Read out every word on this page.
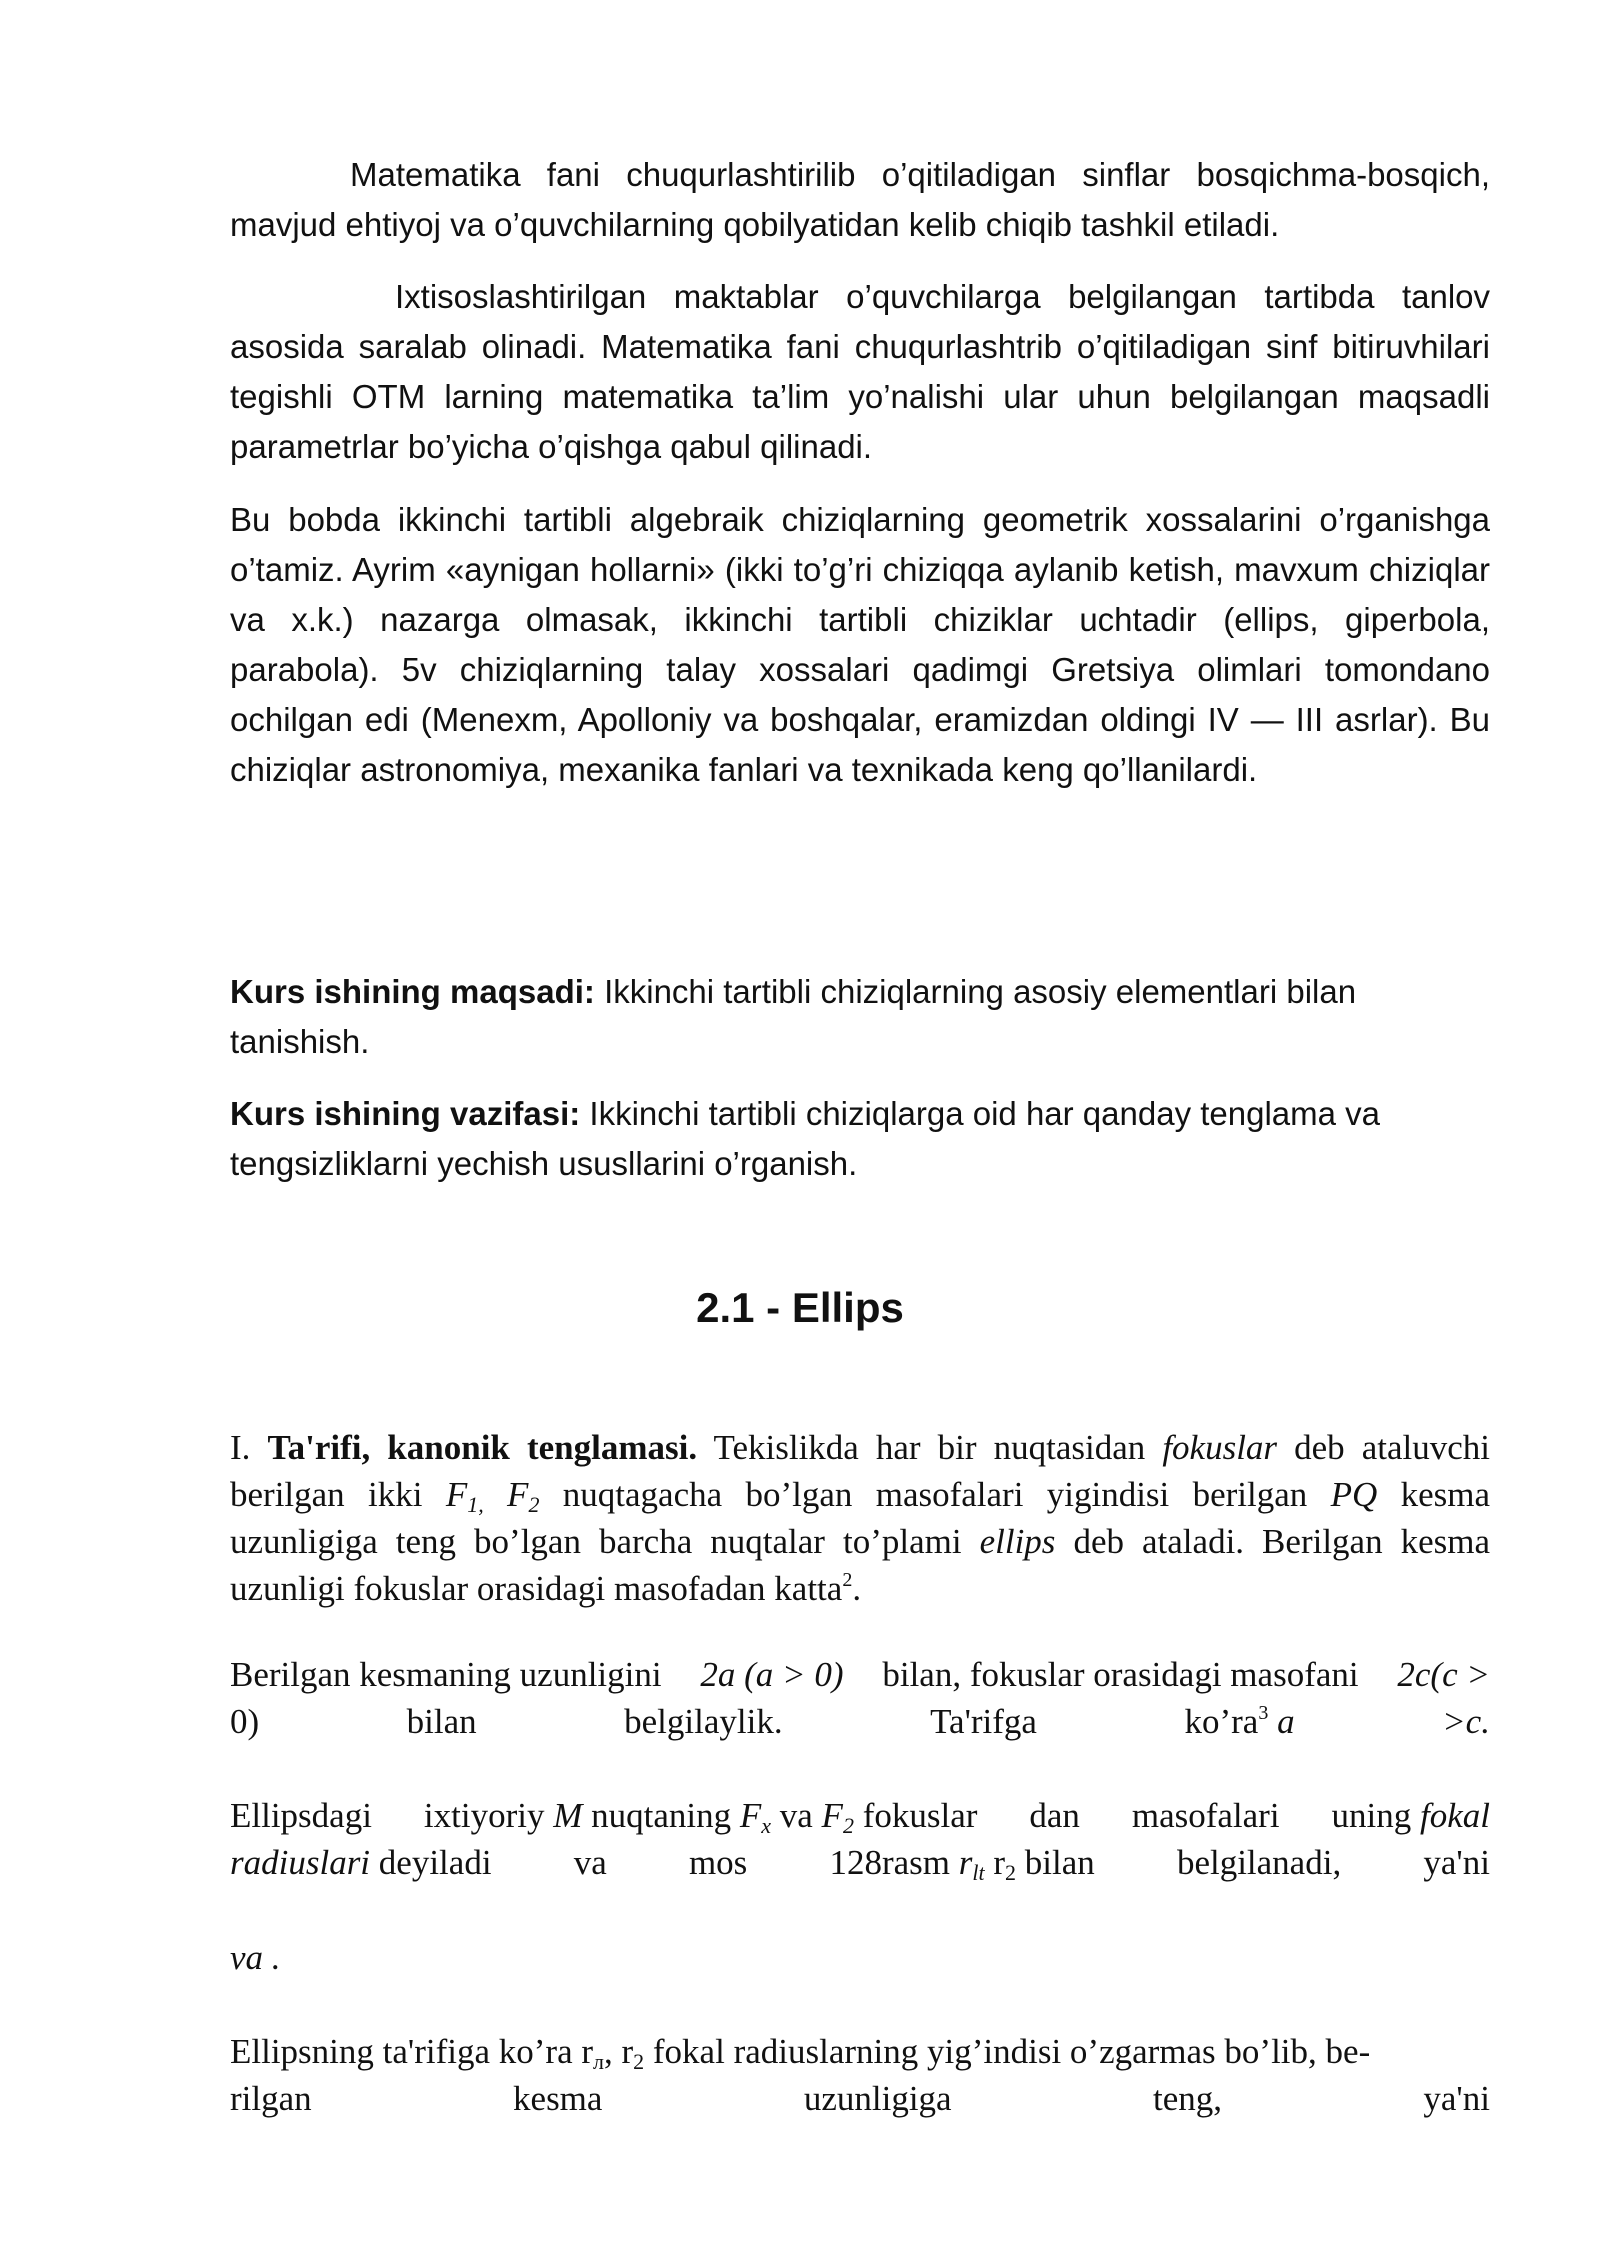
Matematika fani chuqurlashtirilib o’qitiladigan sinflar bosqichma-bosqich, mavjud ehtiyoj va o’quvchilarning qobilyatidan kelib chiqib tashkil etiladi.

Ixtisoslashtirilgan maktablar o’quvchilarga belgilangan tartibda tanlov asosida saralab olinadi. Matematika fani chuqurlashtrib o’qitiladigan sinf bitiruvhilari tegishli OTM larning matematika ta’lim yo’nalishi ular uhun belgilangan maqsadli parametrlar bo’yicha o’qishga qabul qilinadi.

Bu bobda ikkinchi tartibli algebraik chiziqlarning geometrik xossalarini o’rganishga o’tamiz. Ayrim «aynigan hollarni» (ikki to’g’ri chiziqqa aylanib ketish, mavxum chiziqlar va x.k.) nazarga olmasak, ikkinchi tartibli chiziklar uchtadir (ellips, giperbola, parabola). 5v chiziqlarning talay xossalari qadimgi Gretsiya olimlari tomondano ochilgan edi (Menexm, Apolloniy va boshqalar, eramizdan oldingi IV — III asrlar). Bu chiziqlar astronomiya, mexanika fanlari va texnikada keng qo’llanilardi.

Kurs ishining maqsadi: Ikkinchi tartibli chiziqlarning asosiy elementlari bilan tanishish.

Kurs ishining vazifasi: Ikkinchi tartibli chiziqlarga oid har qanday tenglama va tengsizliklarni yechish ususllarini o’rganish.

2.1 - Ellips

I. Ta'rifi, kanonik tenglamasi. Tekislikda har bir nuqtasidan fokuslar deb ataluvchi berilgan ikki $F_{1,}$ $F_2$ nuqtagacha bo’lgan masofalari yigindisi berilgan PQ kesma uzunligiga teng bo’lgan barcha nuqtalar to’plami ellips deb ataladi. Berilgan kesma uzunligi fokuslar orasidagi masofadan katta$^2$.

Berilgan kesmaning uzunligini 2a (a > 0) bilan, fokuslar orasidagi masofani 2c(c >
0)	bilan	belgilaylik.	Ta'rifga	$ko’ra^3$ a	>c.
Ellipsdagi ixtiyoriy M nuqtaning $F_x$ va $F_2$ fokuslar dan masofalari uning fokal
radiuslari deyiladi va mos 128rasm $r_{lt}$ $r_2$ bilan belgilanadi, ya'ni

va .

Ellipsning ta'rifiga ko’ra $r_л$, $r_2$ fokal radiuslarning yig’indisi o’zgarmas bo’lib, be-

rilgan	kesma	uzunligiga	teng,	ya'ni
